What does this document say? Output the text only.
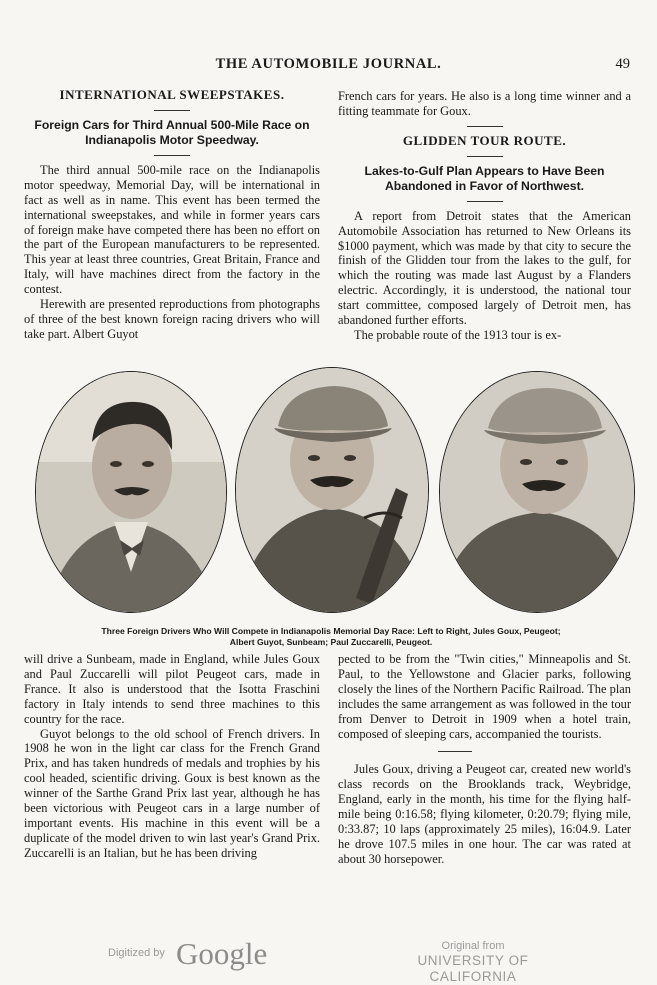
THE AUTOMOBILE JOURNAL.	49
INTERNATIONAL SWEEPSTAKES.
Foreign Cars for Third Annual 500-Mile Race on Indianapolis Motor Speedway.

The third annual 500-mile race on the Indianapolis motor speedway, Memorial Day, will be international in fact as well as in name. This event has been termed the international sweepstakes, and while in former years cars of foreign make have competed there has been no effort on the part of the European manufacturers to be represented. This year at least three countries, Great Britain, France and Italy, will have machines direct from the factory in the contest.

Herewith are presented reproductions from photographs of three of the best known foreign racing drivers who will take part. Albert Guyot

French cars for years. He also is a long time winner and a fitting teammate for Goux.

GLIDDEN TOUR ROUTE.
Lakes-to-Gulf Plan Appears to Have Been Abandoned in Favor of Northwest.

A report from Detroit states that the American Automobile Association has returned to New Orleans its $1000 payment, which was made by that city to secure the finish of the Glidden tour from the lakes to the gulf, for which the routing was made last August by a Flanders electric. Accordingly, it is understood, the national tour start committee, composed largely of Detroit men, has abandoned further efforts.

The probable route of the 1913 tour is ex-

Three Foreign Drivers Who Will Compete in Indianapolis Memorial Day Race: Left to Right, Jules Goux, Peugeot;
Albert Guyot, Sunbeam; Paul Zuccarelli, Peugeot.

will drive a Sunbeam, made in England, while Jules Goux and Paul Zuccarelli will pilot Peugeot cars, made in France. It also is understood that the Isotta Fraschini factory in Italy intends to send three machines to this country for the race.

Guyot belongs to the old school of French drivers. In 1908 he won in the light car class for the French Grand Prix, and has taken hundreds of medals and trophies by his cool headed, scientific driving. Goux is best known as the winner of the Sarthe Grand Prix last year, although he has been victorious with Peugeot cars in a large number of important events. His machine in this event will be a duplicate of the model driven to win last year's Grand Prix. Zuccarelli is an Italian, but he has been driving

pected to be from the "Twin cities," Minneapolis and St. Paul, to the Yellowstone and Glacier parks, following closely the lines of the Northern Pacific Railroad. The plan includes the same arrangement as was followed in the tour from Denver to Detroit in 1909 when a hotel train, composed of sleeping cars, accompanied the tourists.

Jules Goux, driving a Peugeot car, created new world's class records on the Brooklands track, Weybridge, England, early in the month, his time for the flying half-mile being 0:16.58; flying kilometer, 0:20.79; flying mile, 0:33.87; 10 laps (approximately 25 miles), 16:04.9. Later he drove 107.5 miles in one hour. The car was rated at about 30 horsepower.

Digitized by Google	Original from
UNIVERSITY OF CALIFORNIA
